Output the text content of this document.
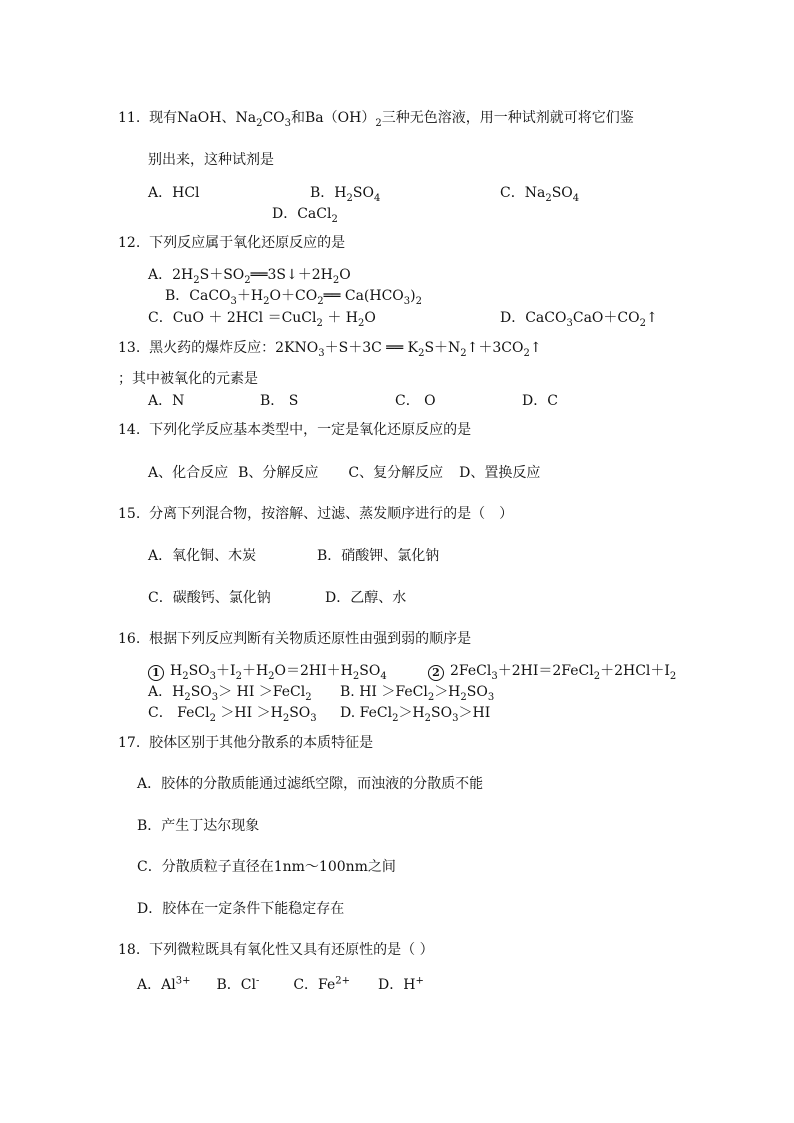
11. 现有NaOH、$Na_2CO_3$和$Ba(OH)_2$三种无色溶液，用一种试剂就可将它们鉴
别出来，这种试剂是
A．HCl	B．$H_2SO_4$	C．$Na_2SO_4$
D．CaCl$_2$
12. 下列反应属于氧化还原反应的是
A．$2H_2S+SO_2══3S↓+2H_2O$
B．$CaCO_3+H_2O+CO_2══$ $Ca(HCO_3)_2$
C．CuO ＋ 2HCl ＝CuCl$_2$ ＋ $H_2O$	D．$CaCO_3CaO+CO_2↑$
13. 黑火药的爆炸反应：$2KNO_3+S+3C$ ══ $K_2S+N_2↑+3CO_2↑$
；其中被氧化的元素是
A．N	B． S	C． O	D．C
14. 下列化学反应基本类型中，一定是氧化还原反应的是
A、化合反应 B、分解反应 C、复分解反应 D、置换反应
15. 分离下列混合物，按溶解、过滤、蒸发顺序进行的是（　）
A．氧化铜、木炭	B．硝酸钾、氯化钠
C．碳酸钙、氯化钠	D．乙醇、水
16. 根据下列反应判断有关物质还原性由强到弱的顺序是
1 $H_2SO_3+I_2+H_2O=2HI+H_2SO_4$	2 $2FeCl_3+2HI=2FeCl_2+2HCl+I_2$
A．$H_2SO_3>$ HI ＞FeCl$_2$ B. HI $>FeCl_2>H_2SO_3$
C． FeCl$_2$ $>HI >H_2SO_3$ D. $FeCl_2>H_2SO_3>HI$
17. 胶体区别于其他分散系的本质特征是
A．胶体的分散质能通过滤纸空隙，而浊液的分散质不能
B．产生丁达尔现象
C．分散质粒子直径在1nm～100nm之间
D．胶体在一定条件下能稳定存在
18. 下列微粒既具有氧化性又具有还原性的是（ ）
A．$Al^{3+}$ B．Cl- C．$Fe^{2+}$ D．H+
